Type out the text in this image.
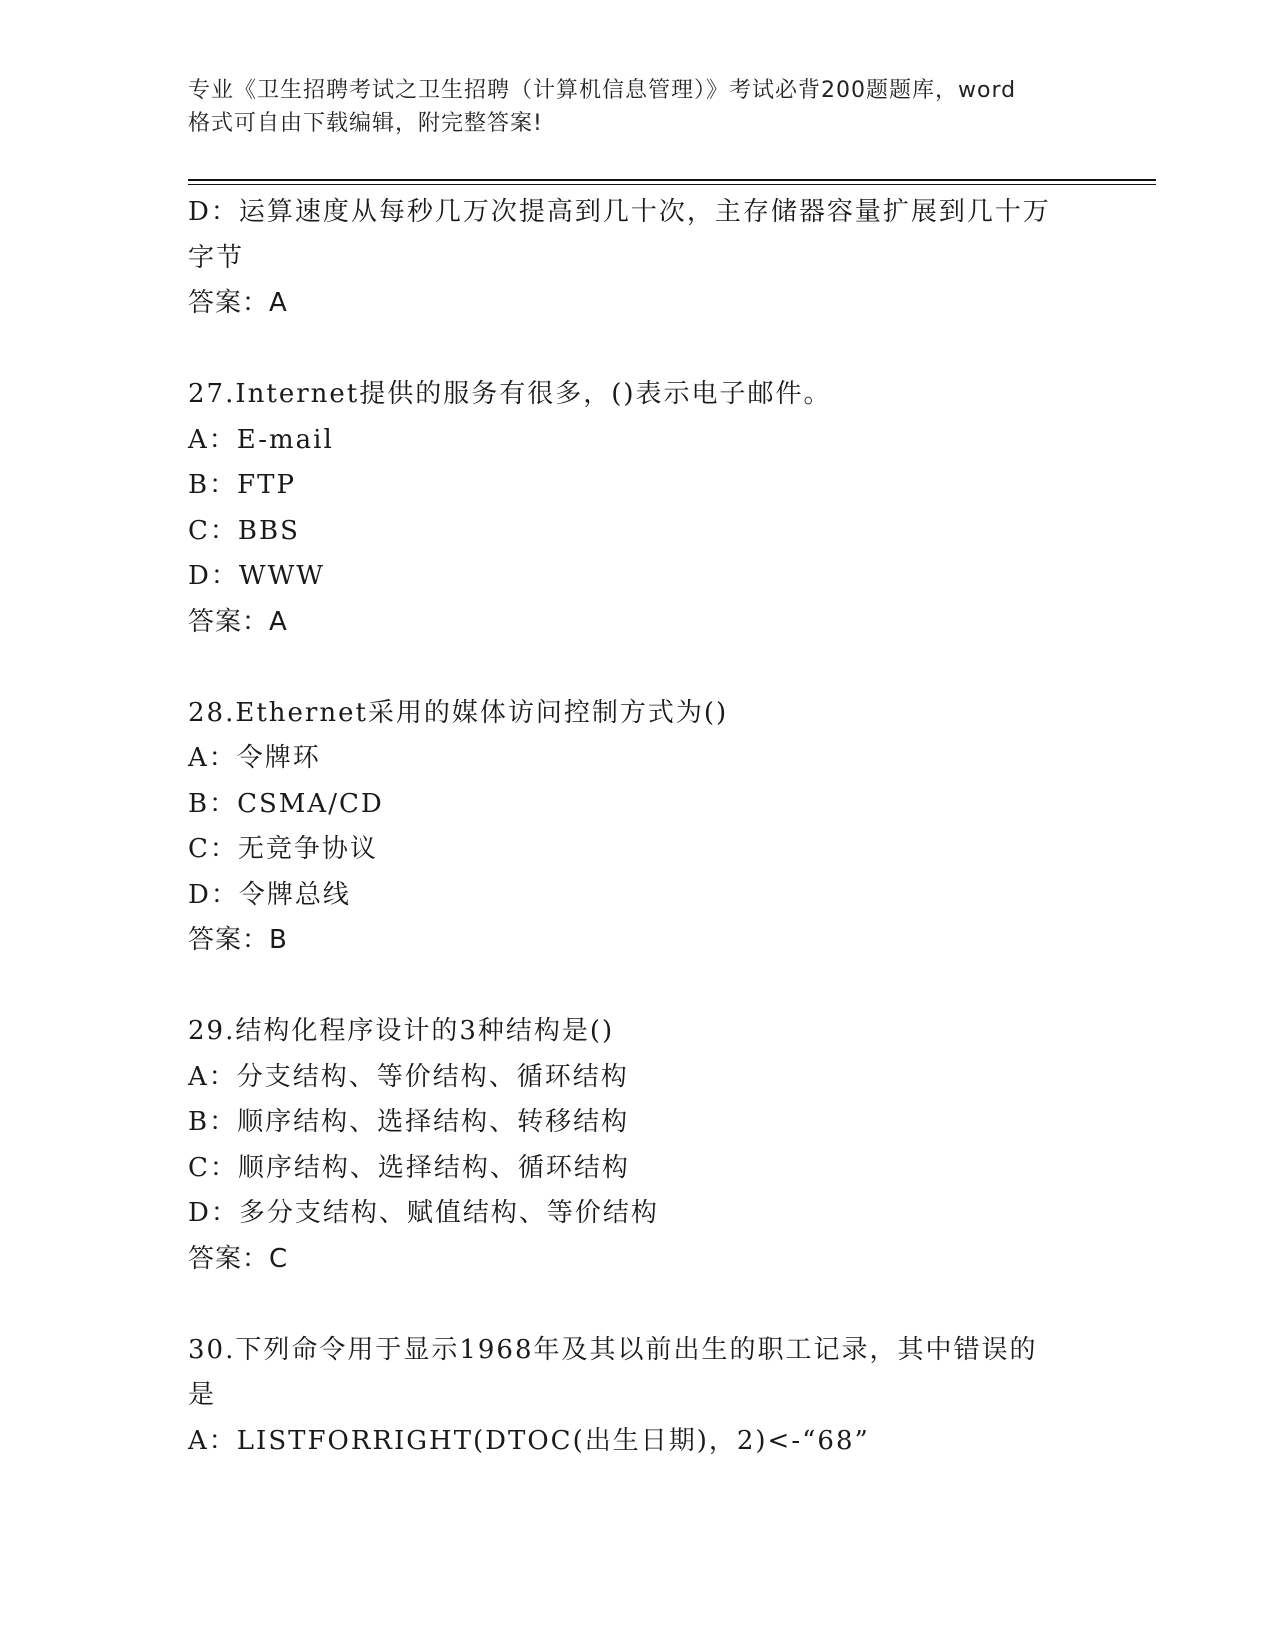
专业《卫生招聘考试之卫生招聘（计算机信息管理）》考试必背200题题库，word
格式可自由下载编辑，附完整答案!
D：运算速度从每秒几万次提高到几十次，主存储器容量扩展到几十万
字节
答案：A
27.Internet提供的服务有很多，()表示电子邮件。
A：E-mail
B：FTP
C：BBS
D：WWW
答案：A
28.Ethernet采用的媒体访问控制方式为()
A：令牌环
B：CSMA/CD
C：无竞争协议
D：令牌总线
答案：B
29.结构化程序设计的3种结构是()
A：分支结构、等价结构、循环结构
B：顺序结构、选择结构、转移结构
C：顺序结构、选择结构、循环结构
D：多分支结构、赋值结构、等价结构
答案：C
30.下列命令用于显示1968年及其以前出生的职工记录，其中错误的
是
A：LISTFORRIGHT(DTOC(出生日期)，2)<-“68”
